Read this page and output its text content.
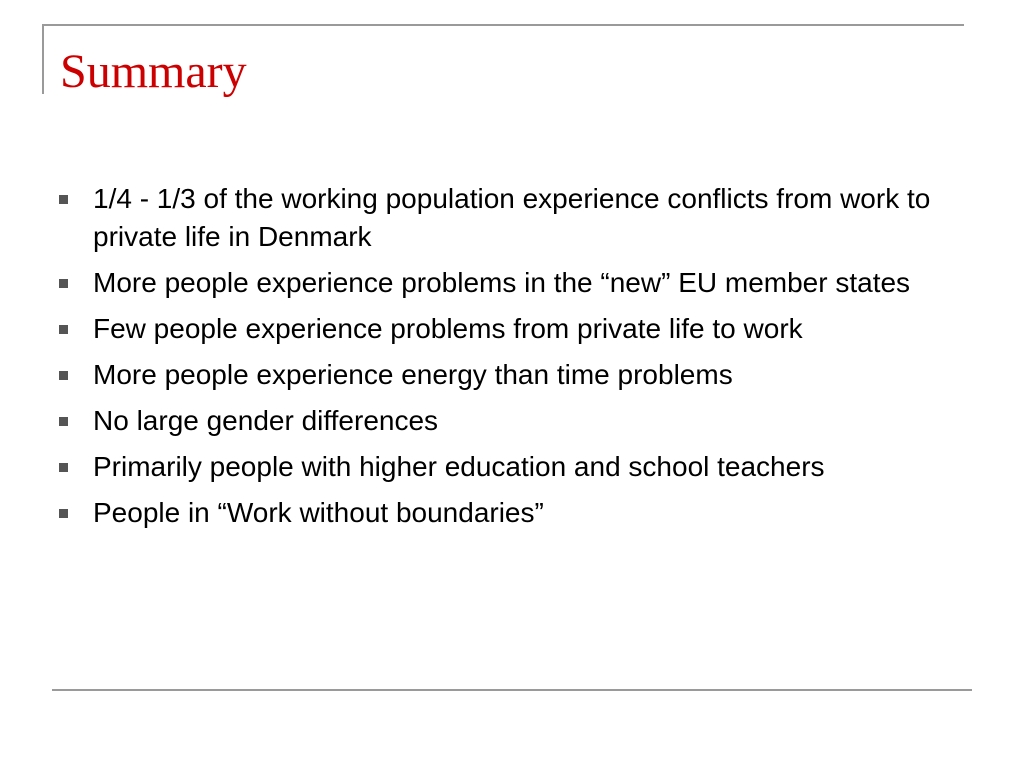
Summary
1/4 - 1/3 of the working population experience conflicts from work to private life in Denmark
More people experience problems in the “new” EU member states
Few people experience problems from private life to work
More people experience energy than time problems
No large gender differences
Primarily people with higher education and school teachers
People in “Work without boundaries”
